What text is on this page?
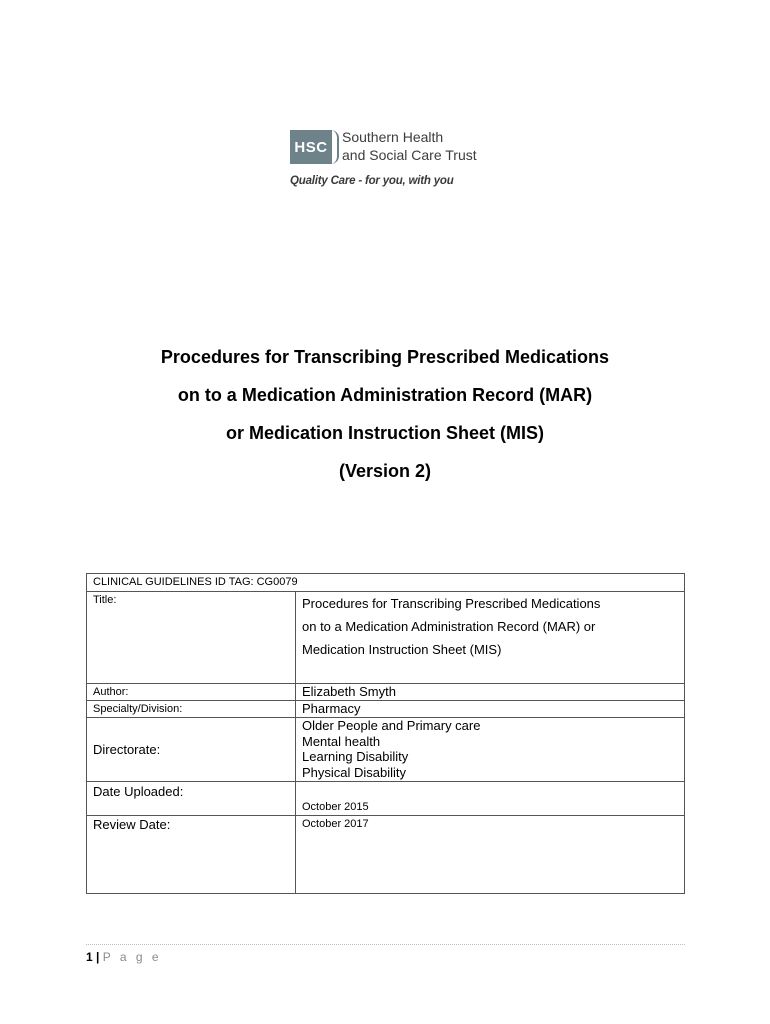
HSC
Southern Health
and Social Care Trust
Quality Care - for you, with you
Procedures for Transcribing Prescribed Medications
on to a Medication Administration Record (MAR)
or Medication Instruction Sheet (MIS)
(Version 2)
CLINICAL GUIDELINES ID TAG: CG0079	
Title:	Procedures for Transcribing Prescribed Medications
on to a Medication Administration Record (MAR) or
Medication Instruction Sheet (MIS)

Author:	Elizabeth Smyth
Specialty/Division:	Pharmacy
Directorate:	Older People and Primary care
Mental health
Learning Disability
Physical Disability

Date Uploaded:	October 2015
Review Date:	October 2017
1 | P a g e
